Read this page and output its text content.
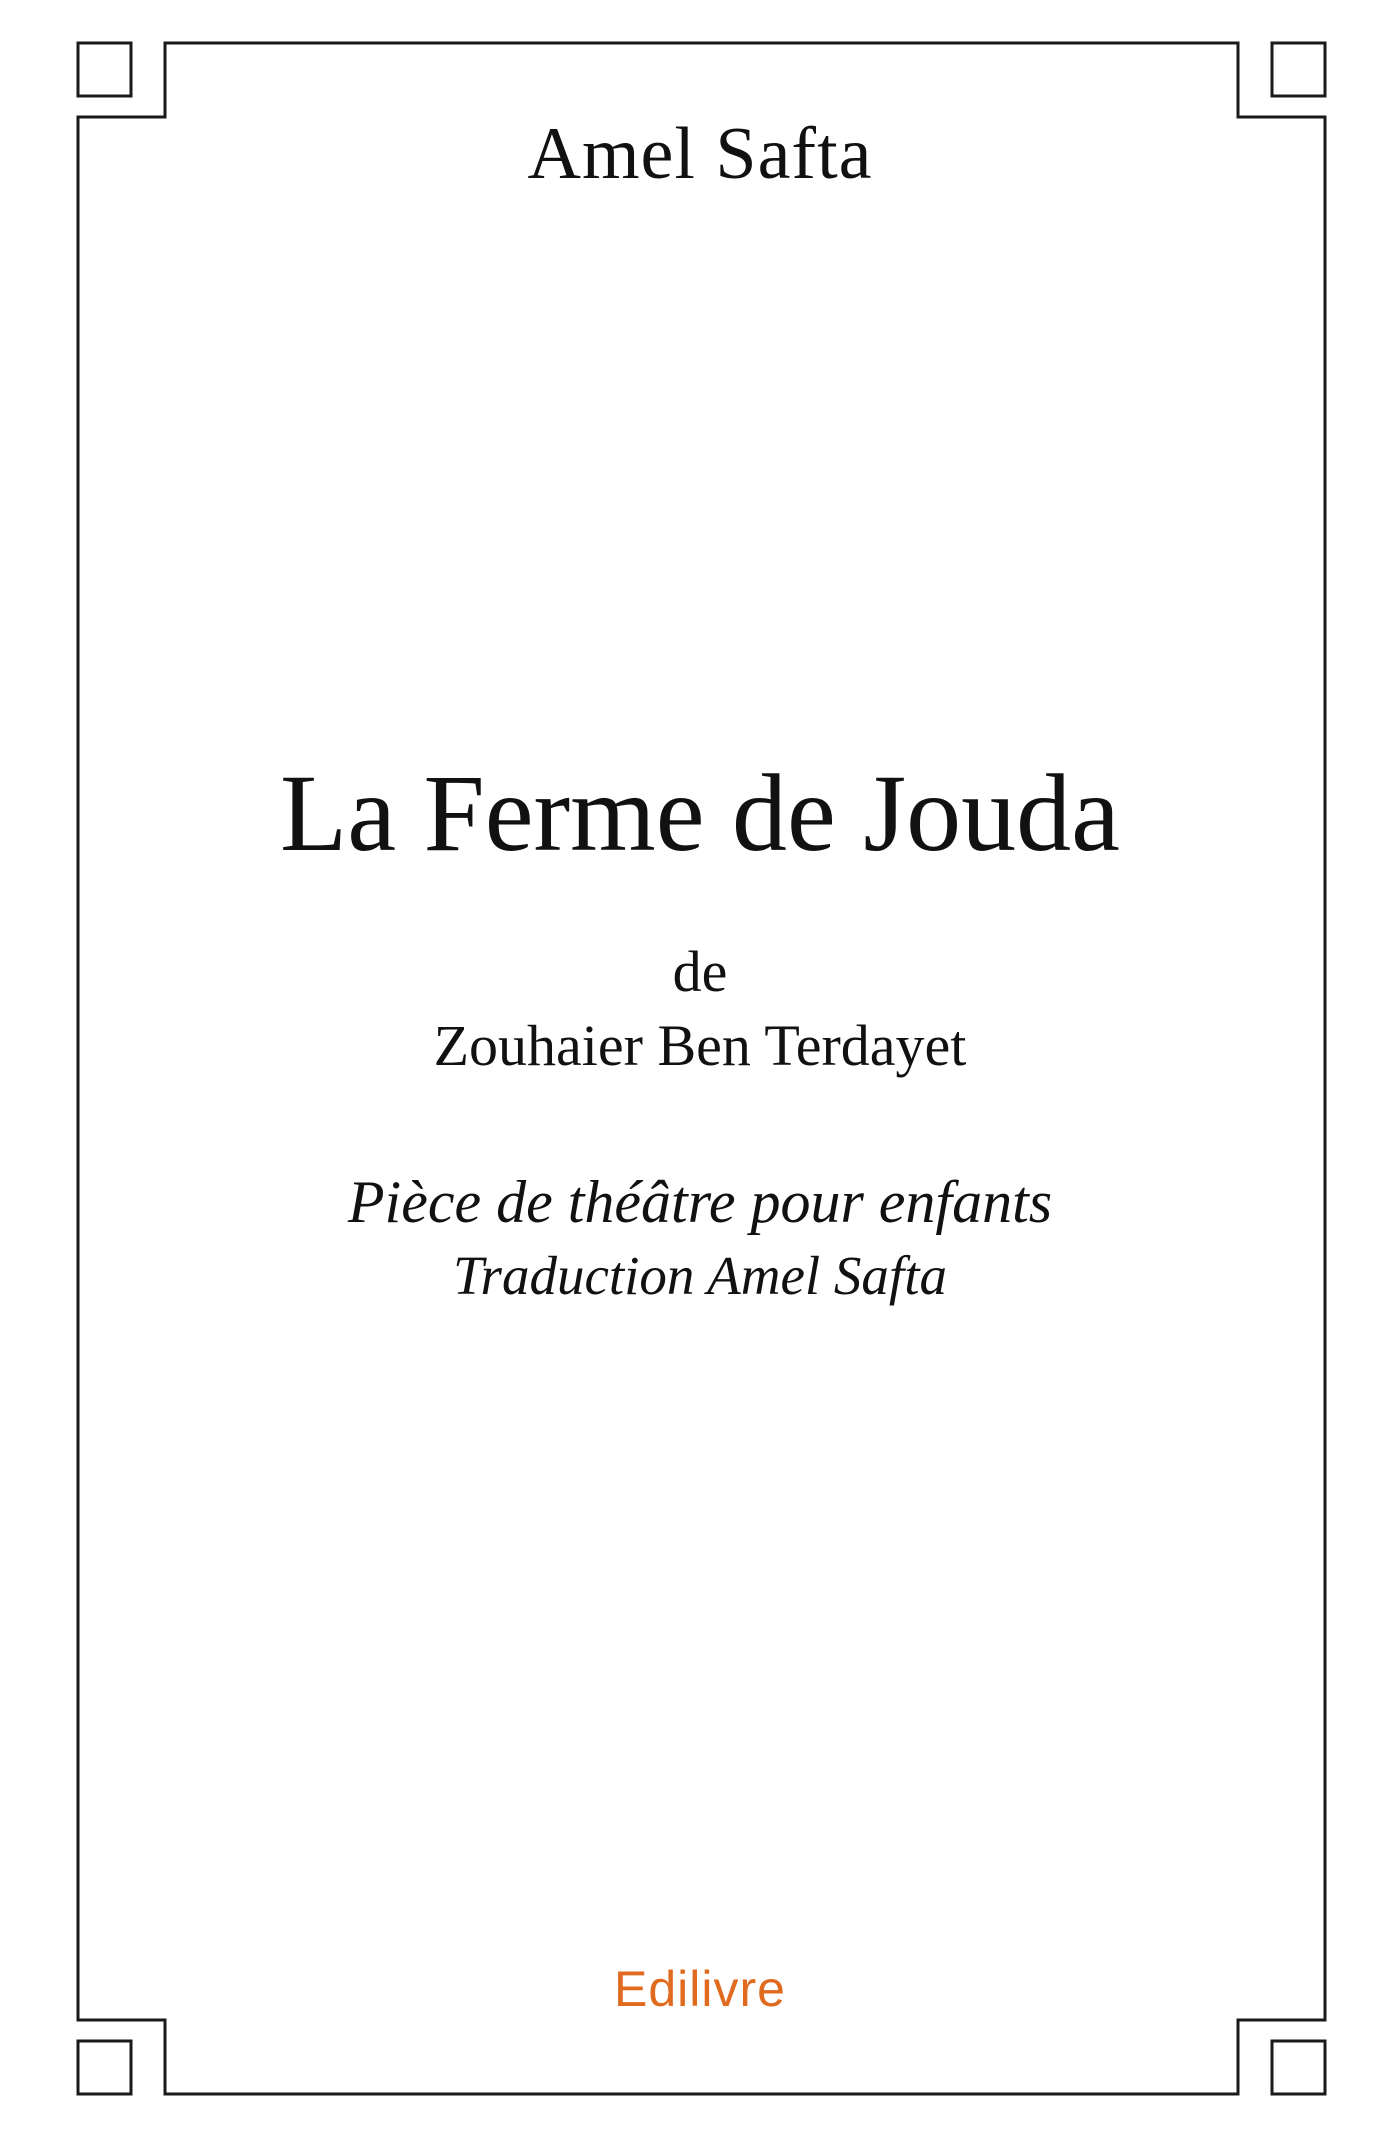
Amel Safta
La Ferme de Jouda
de
Zouhaier Ben Terdayet
Pièce de théâtre pour enfants
Traduction Amel Safta
Edilivre
